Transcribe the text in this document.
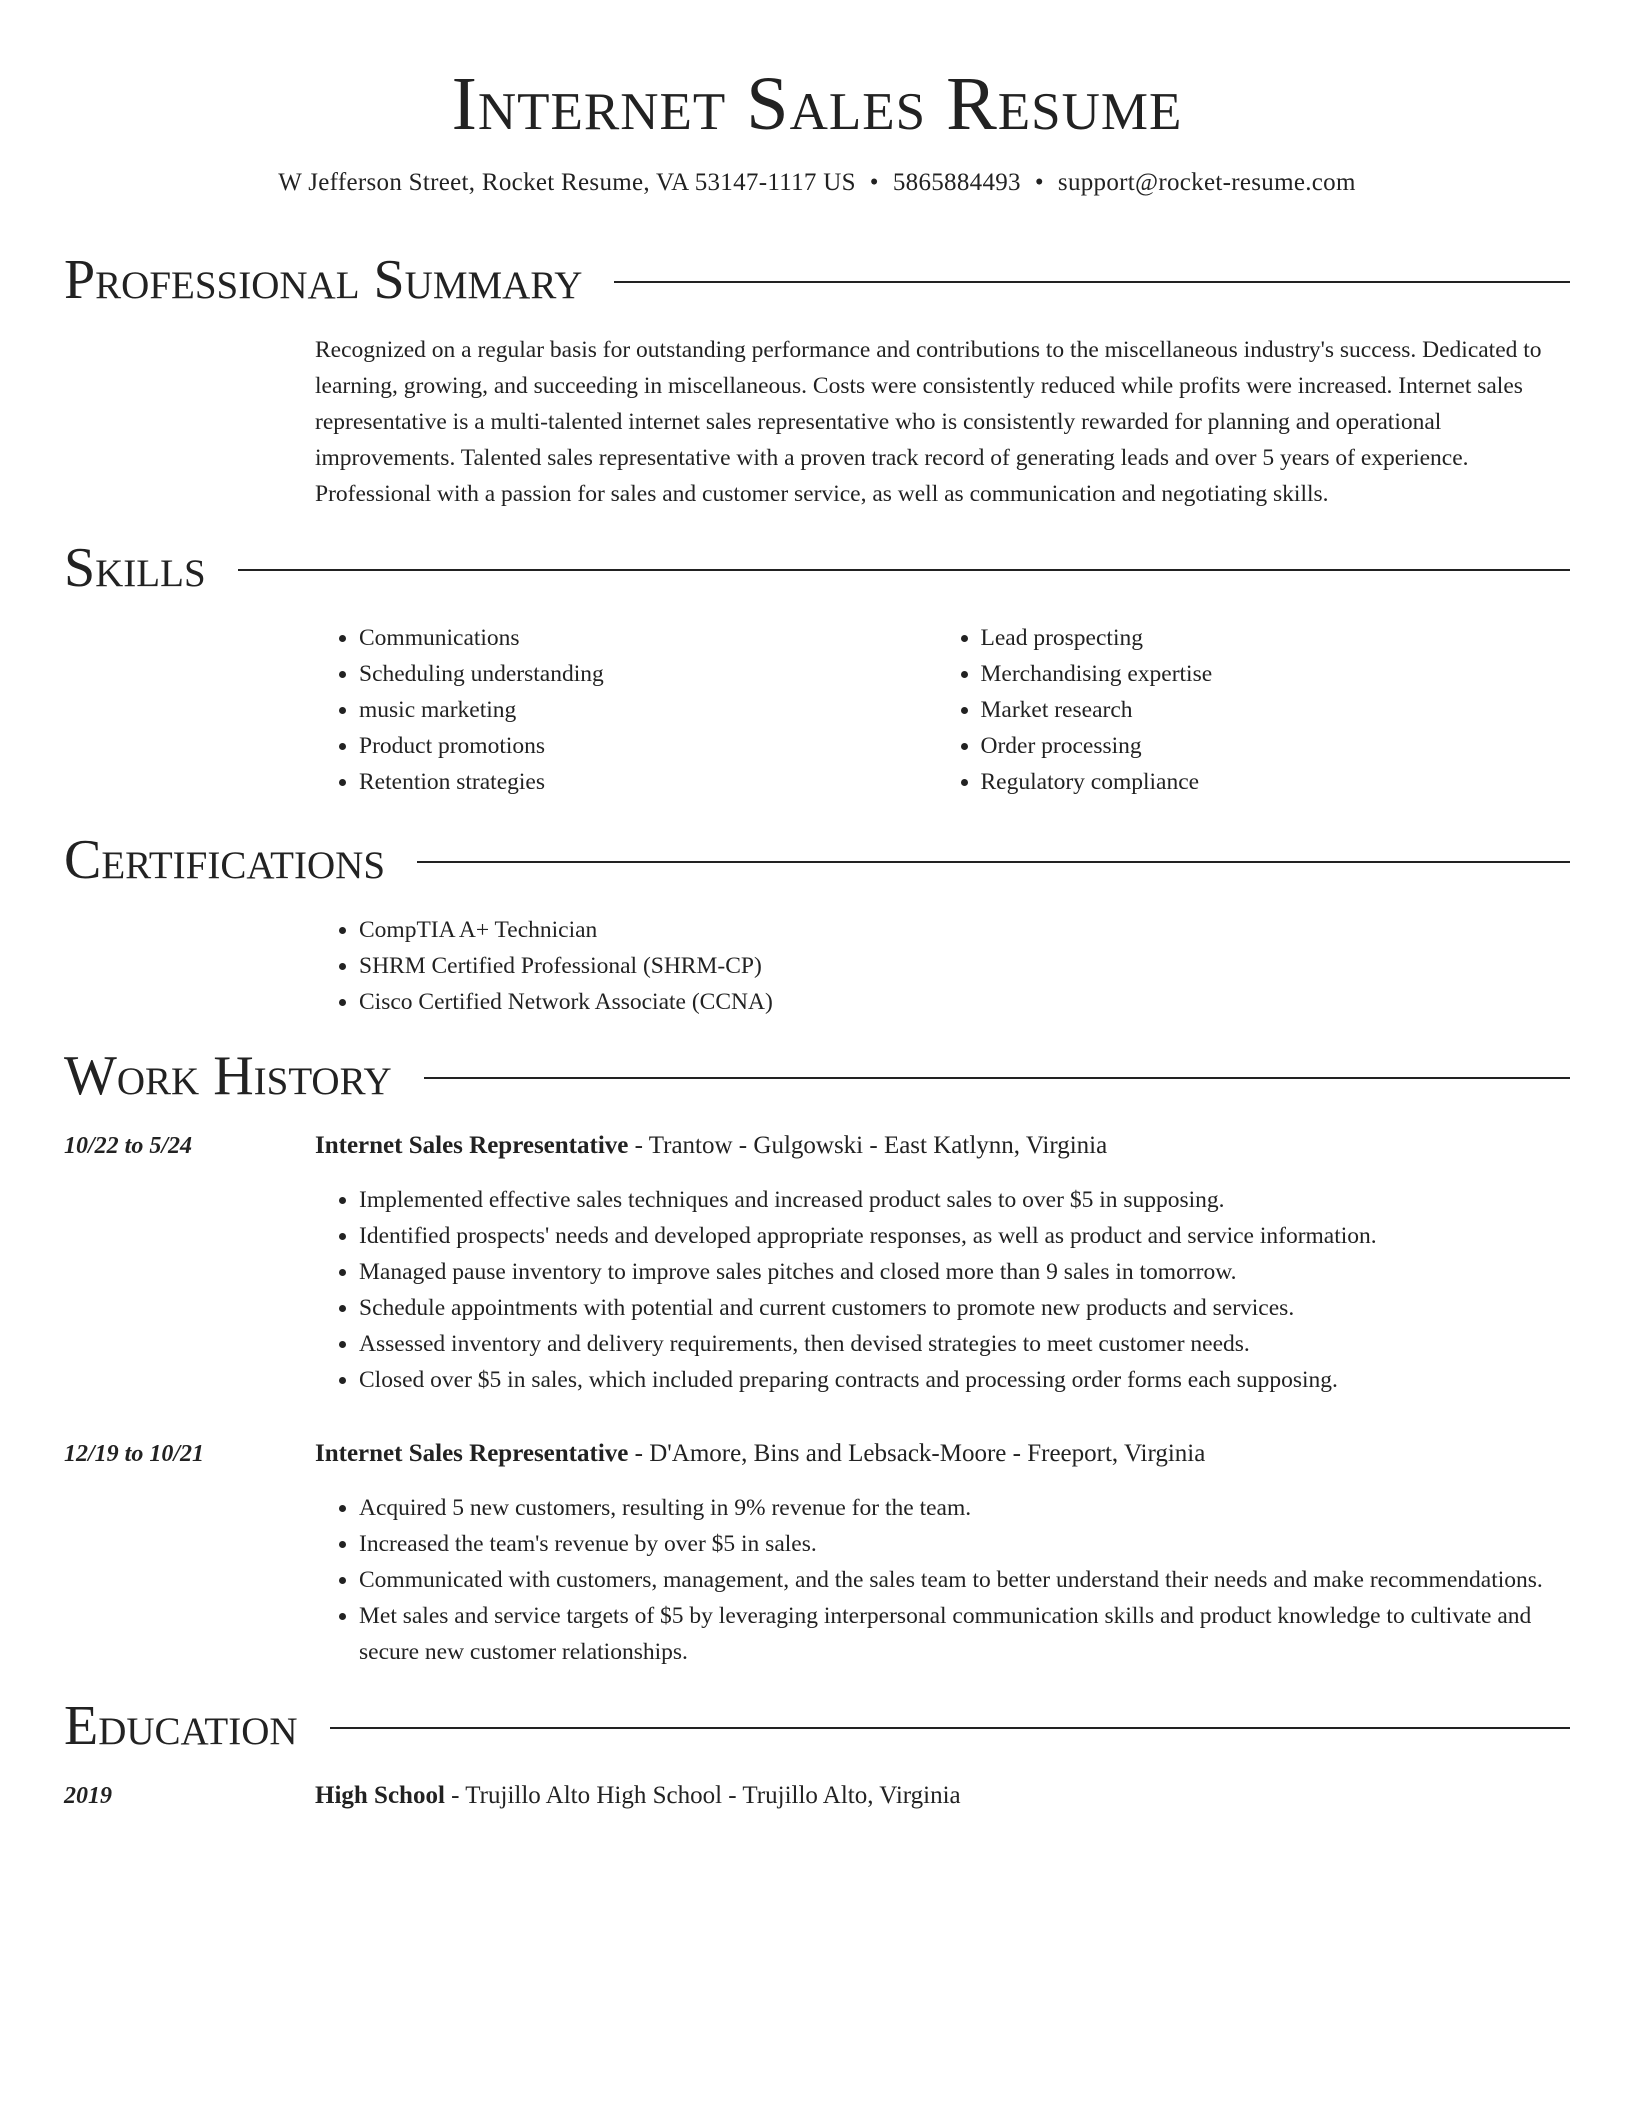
Internet Sales Resume
W Jefferson Street, Rocket Resume, VA 53147-1117 US • 5865884493 • support@rocket-resume.com
Professional Summary

Recognized on a regular basis for outstanding performance and contributions to the miscellaneous industry's success. Dedicated to learning, growing, and succeeding in miscellaneous. Costs were consistently reduced while profits were increased. Internet sales representative is a multi-talented internet sales representative who is consistently rewarded for planning and operational improvements. Talented sales representative with a proven track record of generating leads and over 5 years of experience. Professional with a passion for sales and customer service, as well as communication and negotiating skills.

Skills
• Communications
• Scheduling understanding
• music marketing
• Product promotions
• Retention strategies
• Lead prospecting
• Merchandising expertise
• Market research
• Order processing
• Regulatory compliance
Certifications
• CompTIA A+ Technician
• SHRM Certified Professional (SHRM-CP)
• Cisco Certified Network Associate (CCNA)
Work History
10/22 to 5/24	Internet Sales Representative - Trantow - Gulgowski - East Katlynn, Virginia
• Implemented effective sales techniques and increased product sales to over $5 in supposing.
• Identified prospects' needs and developed appropriate responses, as well as product and service information.
• Managed pause inventory to improve sales pitches and closed more than 9 sales in tomorrow.
• Schedule appointments with potential and current customers to promote new products and services.
• Assessed inventory and delivery requirements, then devised strategies to meet customer needs.
• Closed over $5 in sales, which included preparing contracts and processing order forms each supposing.
12/19 to 10/21	Internet Sales Representative - D'Amore, Bins and Lebsack-Moore - Freeport, Virginia
• Acquired 5 new customers, resulting in 9% revenue for the team.
• Increased the team's revenue by over $5 in sales.
• Communicated with customers, management, and the sales team to better understand their needs and make recommendations.
• Met sales and service targets of $5 by leveraging interpersonal communication skills and product knowledge to cultivate and secure new customer relationships.
Education
2019	High School - Trujillo Alto High School - Trujillo Alto, Virginia
